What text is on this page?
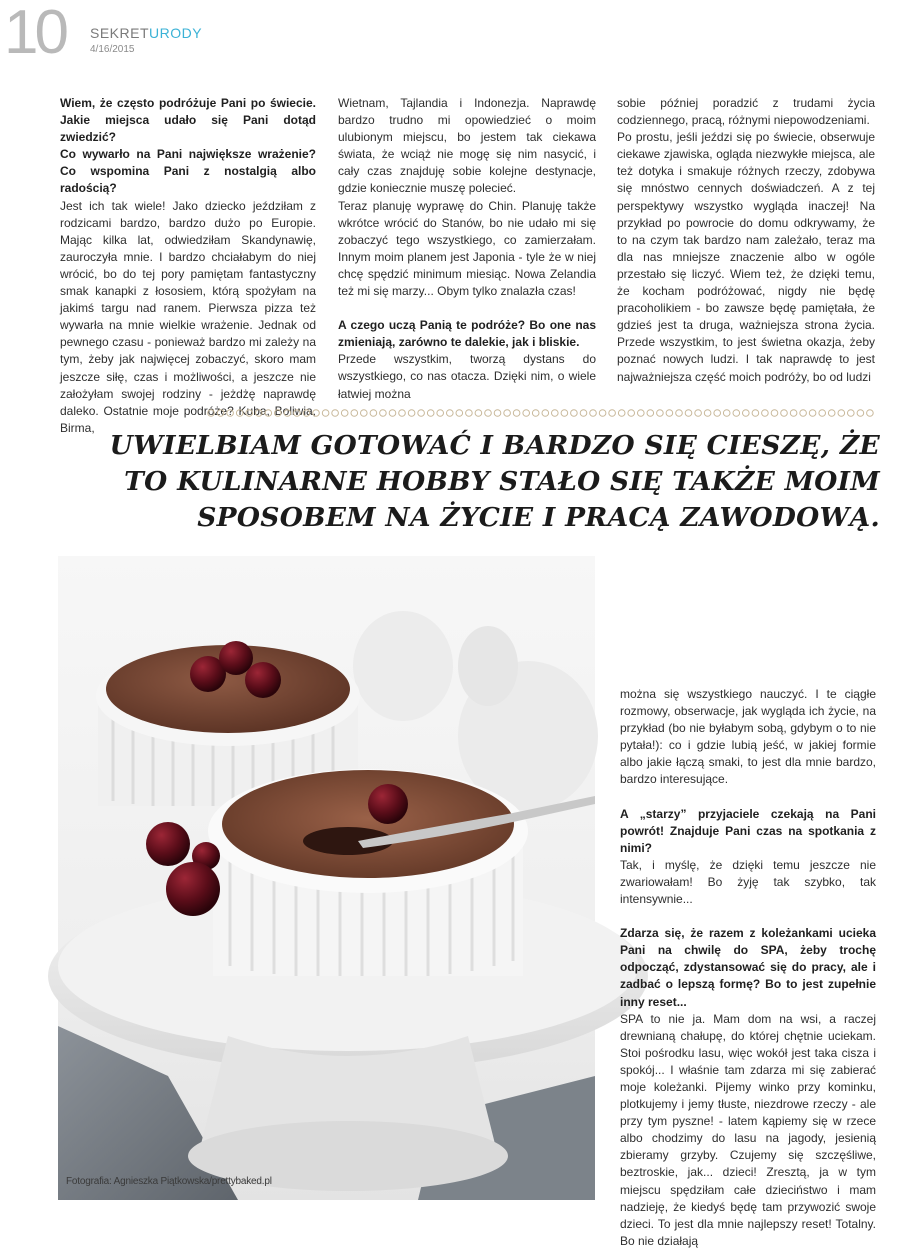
10 SEKRETURODY
4/16/2015

Wiem, że często podróżuje Pani po świecie. Jakie miejsca udało się Pani dotąd zwiedzić?

Co wywarło na Pani największe wrażenie? Co wspomina Pani z nostalgią albo radością?

Jest ich tak wiele! Jako dziecko jeździłam z rodzicami bardzo, bardzo dużo po Europie. Mając kilka lat, odwiedziłam Skandynawię, zauroczyła mnie. I bardzo chciałabym do niej wrócić, bo do tej pory pamiętam fantastyczny smak kanapki z łososiem, którą spożyłam na jakimś targu nad ranem. Pierwsza pizza też wywarła na mnie wielkie wrażenie. Jednak od pewnego czasu - ponieważ bardzo mi zależy na tym, żeby jak najwięcej zobaczyć, skoro mam jeszcze siłę, czas i możliwości, a jeszcze nie założyłam swojej rodziny - jeżdżę naprawdę daleko. Ostatnie moje podróże? Kuba, Boliwia, Birma,

Wietnam, Tajlandia i Indonezja. Naprawdę bardzo trudno mi opowiedzieć o moim ulubionym miejscu, bo jestem tak ciekawa świata, że wciąż nie mogę się nim nasycić, i cały czas znajduję sobie kolejne destynacje, gdzie koniecznie muszę polecieć.

Teraz planuję wyprawę do Chin. Planuję także wkrótce wrócić do Stanów, bo nie udało mi się zobaczyć tego wszystkiego, co zamierzałam. Innym moim planem jest Japonia - tyle że w niej chcę spędzić minimum miesiąc. Nowa Zelandia też mi się marzy... Obym tylko znalazła czas!

A czego uczą Panią te podróże? Bo one nas zmieniają, zarówno te dalekie, jak i bliskie.

Przede wszystkim, tworzą dystans do wszystkiego, co nas otacza. Dzięki nim, o wiele łatwiej można

sobie później poradzić z trudami życia codziennego, pracą, różnymi niepowodzeniami.

Po prostu, jeśli jeździ się po świecie, obserwuje ciekawe zjawiska, ogląda niezwykłe miejsca, ale też dotyka i smakuje różnych rzeczy, zdobywa się mnóstwo cennych doświadczeń. A z tej perspektywy wszystko wygląda inaczej! Na przykład po powrocie do domu odkrywamy, że to na czym tak bardzo nam zależało, teraz ma dla nas mniejsze znaczenie albo w ogóle przestało się liczyć. Wiem też, że dzięki temu, że kocham podróżować, nigdy nie będę pracoholikiem - bo zawsze będę pamiętała, że gdzieś jest ta druga, ważniejsza strona życia. Przede wszystkim, to jest świetna okazja, żeby poznać nowych ludzi. I tak naprawdę to jest najważniejsza część moich podróży, bo od ludzi

UWIELBIAM GOTOWAĆ I BARDZO SIĘ CIESZĘ, ŻE
TO KULINARNE HOBBY STAŁO SIĘ TAKŻE MOIM
SPOSOBEM NA ŻYCIE I PRACĄ ZAWODOWĄ.
Fotografia: Agnieszka Piątkowska/prettybaked.pl

można się wszystkiego nauczyć. I te ciągłe rozmowy, obserwacje, jak wygląda ich życie, na przykład (bo nie byłabym sobą, gdybym o to nie pytała!): co i gdzie lubią jeść, w jakiej formie albo jakie łączą smaki, to jest dla mnie bardzo, bardzo interesujące.

A „starzy” przyjaciele czekają na Pani powrót! Znajduje Pani czas na spotkania z nimi?

Tak, i myślę, że dzięki temu jeszcze nie zwariowałam! Bo żyję tak szybko, tak intensywnie...

Zdarza się, że razem z koleżankami ucieka Pani na chwilę do SPA, żeby trochę odpocząć, zdystansować się do pracy, ale i zadbać o lepszą formę? Bo to jest zupełnie inny reset...

SPA to nie ja. Mam dom na wsi, a raczej drewnianą chałupę, do której chętnie uciekam. Stoi pośrodku lasu, więc wokół jest taka cisza i spokój... I właśnie tam zdarza mi się zabierać moje koleżanki. Pijemy winko przy kominku, plotkujemy i jemy tłuste, niezdrowe rzeczy - ale przy tym pyszne! - latem kąpiemy się w rzece albo chodzimy do lasu na jagody, jesienią zbieramy grzyby. Czujemy się szczęśliwe, beztroskie, jak... dzieci! Zresztą, ja w tym miejscu spędziłam całe dzieciństwo i mam nadzieję, że kiedyś będę tam przywozić swoje dzieci. To jest dla mnie najlepszy reset! Totalny. Bo nie działają
